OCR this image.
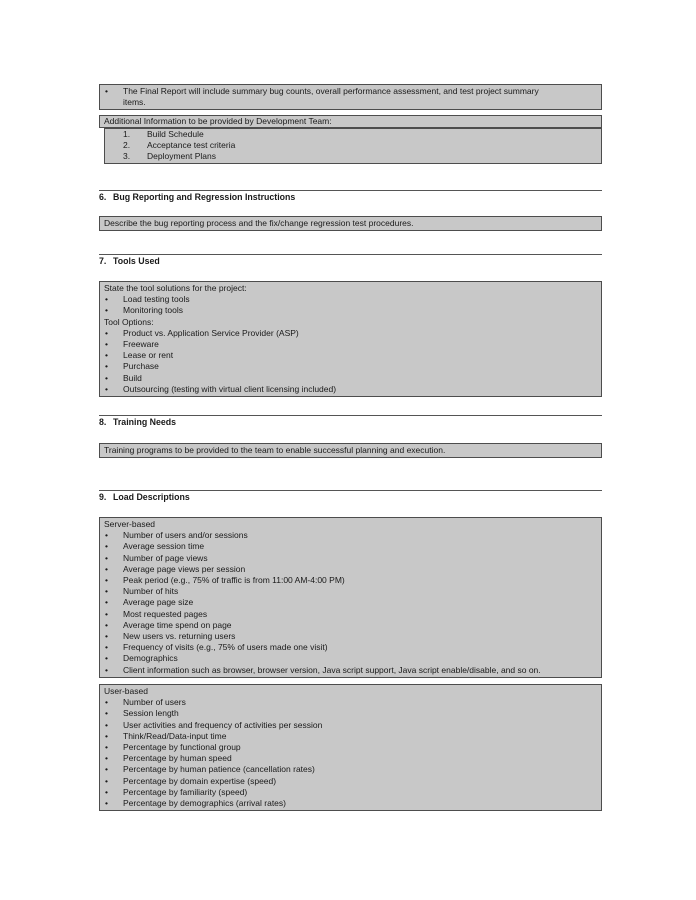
•	The Final Report will include summary bug counts, overall performance assessment, and test project summary
items.
Additional Information to be provided by Development Team:
1.	Build Schedule
2.	Acceptance test criteria
3.	Deployment Plans
6. Bug Reporting and Regression Instructions
Describe the bug reporting process and the fix/change regression test procedures.
7. Tools Used
State the tool solutions for the project:
•	Load testing tools
•	Monitoring tools
Tool Options:
•	Product vs. Application Service Provider (ASP)
•	Freeware
•	Lease or rent
•	Purchase
•	Build
•	Outsourcing (testing with virtual client licensing included)
8. Training Needs
Training programs to be provided to the team to enable successful planning and execution.
9. Load Descriptions
Server-based
•	Number of users and/or sessions
•	Average session time
•	Number of page views
•	Average page views per session
•	Peak period (e.g., 75% of traffic is from 11:00 AM-4:00 PM)
•	Number of hits
•	Average page size
•	Most requested pages
•	Average time spend on page
•	New users vs. returning users
•	Frequency of visits (e.g., 75% of users made one visit)
•	Demographics
•	Client information such as browser, browser version, Java script support, Java script enable/disable, and so on.
User-based
•	Number of users
•	Session length
•	User activities and frequency of activities per session
•	Think/Read/Data-input time
•	Percentage by functional group
•	Percentage by human speed
•	Percentage by human patience (cancellation rates)
•	Percentage by domain expertise (speed)
•	Percentage by familiarity (speed)
•	Percentage by demographics (arrival rates)
